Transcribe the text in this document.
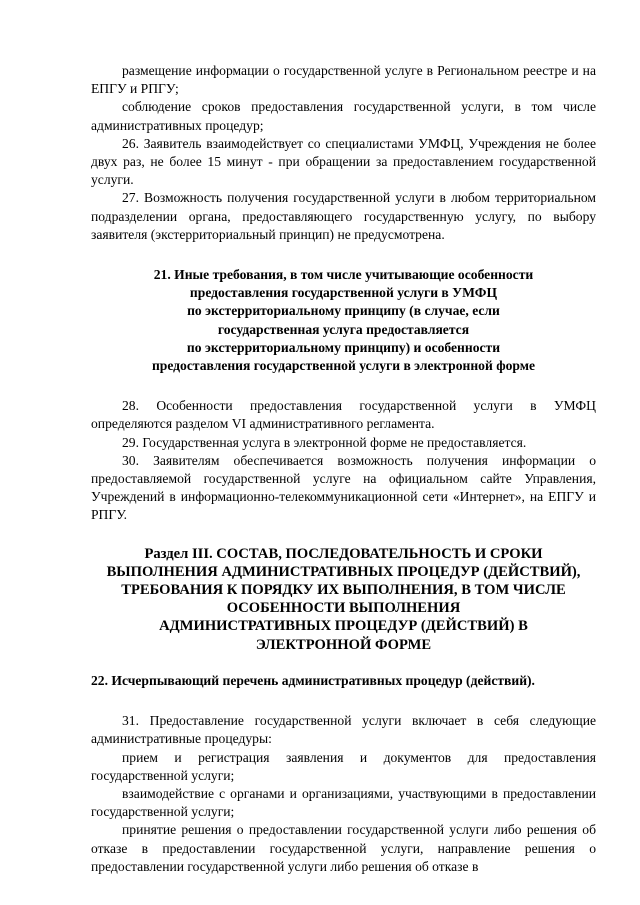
размещение информации о государственной услуге в Региональном реестре и на ЕПГУ и РПГУ;

соблюдение сроков предоставления государственной услуги, в том числе административных процедур;

26. Заявитель взаимодействует со специалистами УМФЦ, Учреждения не более двух раз, не более 15 минут - при обращении за предоставлением государственной услуги.

27. Возможность получения государственной услуги в любом территориальном подразделении органа, предоставляющего государственную услугу, по выбору заявителя (экстерриториальный принцип) не предусмотрена.

21. Иные требования, в том числе учитывающие особенности
предоставления государственной услуги в УМФЦ
по экстерриториальному принципу (в случае, если
государственная услуга предоставляется
по экстерриториальному принципу) и особенности
предоставления государственной услуги в электронной форме

28. Особенности предоставления государственной услуги в УМФЦ определяются разделом VI административного регламента.

29. Государственная услуга в электронной форме не предоставляется.

30. Заявителям обеспечивается возможность получения информации о предоставляемой государственной услуге на официальном сайте Управления, Учреждений в информационно-телекоммуникационной сети «Интернет», на ЕПГУ и РПГУ.

Раздел III. СОСТАВ, ПОСЛЕДОВАТЕЛЬНОСТЬ И СРОКИ
ВЫПОЛНЕНИЯ АДМИНИСТРАТИВНЫХ ПРОЦЕДУР (ДЕЙСТВИЙ),
ТРЕБОВАНИЯ К ПОРЯДКУ ИХ ВЫПОЛНЕНИЯ, В ТОМ ЧИСЛЕ
ОСОБЕННОСТИ ВЫПОЛНЕНИЯ
АДМИНИСТРАТИВНЫХ ПРОЦЕДУР (ДЕЙСТВИЙ) В
ЭЛЕКТРОННОЙ ФОРМЕ
22. Исчерпывающий перечень административных процедур (действий).

31. Предоставление государственной услуги включает в себя следующие административные процедуры:

прием и регистрация заявления и документов для предоставления государственной услуги;

взаимодействие с органами и организациями, участвующими в предоставлении государственной услуги;

принятие решения о предоставлении государственной услуги либо решения об отказе в предоставлении государственной услуги, направление решения о предоставлении государственной услуги либо решения об отказе в
